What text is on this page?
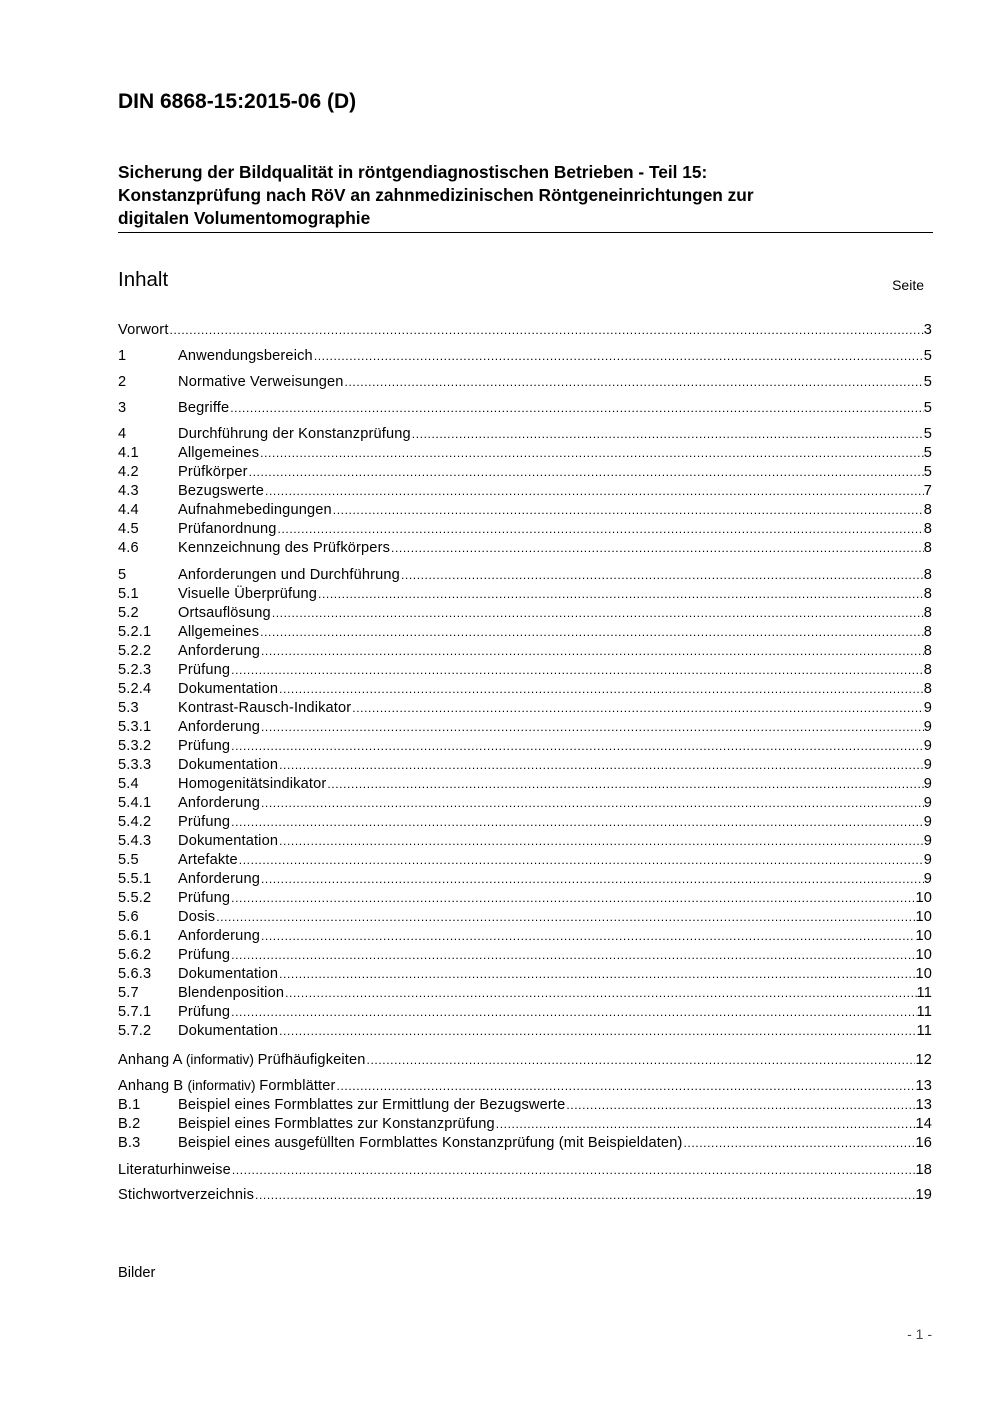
DIN 6868-15:2015-06 (D)
Sicherung der Bildqualität in röntgendiagnostischen Betrieben - Teil 15:
Konstanzprüfung nach RöV an zahnmedizinischen Röntgeneinrichtungen zur
digitalen Volumentomographie
Inhalt	Seite
Vorwort .....	3
1	Anwendungsbereich .....	5
2	Normative Verweisungen .....	5
3	Begriffe .....	5
4	Durchführung der Konstanzprüfung .....	5
4.1	Allgemeines .....	5
4.2	Prüfkörper .....	5
4.3	Bezugswerte .....	7
4.4	Aufnahmebedingungen .....	8
4.5	Prüfanordnung .....	8
4.6	Kennzeichnung des Prüfkörpers .....	8
5	Anforderungen und Durchführung .....	8
5.1	Visuelle Überprüfung .....	8
5.2	Ortsauflösung .....	8
5.2.1	Allgemeines .....	8
5.2.2	Anforderung .....	8
5.2.3	Prüfung .....	8
5.2.4	Dokumentation .....	8
5.3	Kontrast-Rausch-Indikator .....	9
5.3.1	Anforderung .....	9
5.3.2	Prüfung .....	9
5.3.3	Dokumentation .....	9
5.4	Homogenitätsindikator .....	9
5.4.1	Anforderung .....	9
5.4.2	Prüfung .....	9
5.4.3	Dokumentation .....	9
5.5	Artefakte .....	9
5.5.1	Anforderung .....	9
5.5.2	Prüfung .....	10
5.6	Dosis .....	10
5.6.1	Anforderung .....	10
5.6.2	Prüfung .....	10
5.6.3	Dokumentation .....	10
5.7	Blendenposition .....	11
5.7.1	Prüfung .....	11
5.7.2	Dokumentation .....	11
Anhang A (informativ) Prüfhäufigkeiten .....	12
Anhang B (informativ) Formblätter .....	13
B.1	Beispiel eines Formblattes zur Ermittlung der Bezugswerte .....	13
B.2	Beispiel eines Formblattes zur Konstanzprüfung .....	14
B.3	Beispiel eines ausgefüllten Formblattes Konstanzprüfung (mit Beispieldaten) .....	16
Literaturhinweise .....	18
Stichwortverzeichnis .....	19
Bilder
- 1 -
